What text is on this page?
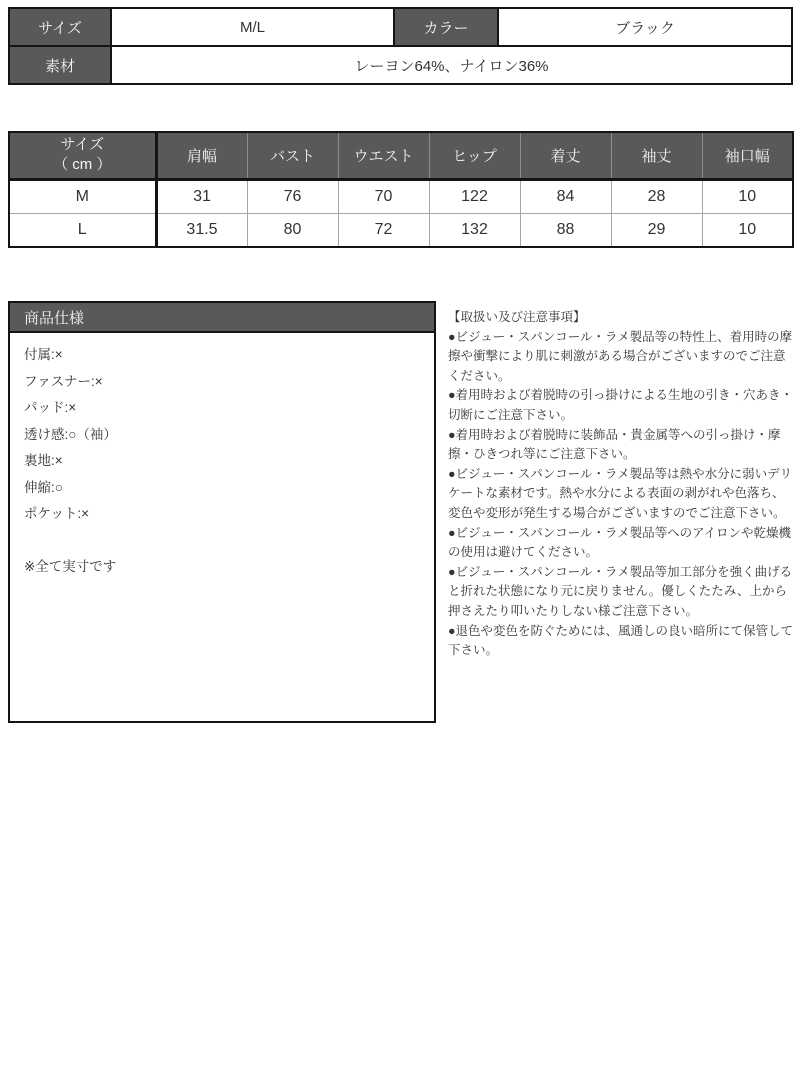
サイズ	M/L	カラー	ブラック
素材	レーヨン64%、ナイロン36%		
サイズ
（ cm ）	肩幅	バスト	ウエスト	ヒップ	着丈	袖丈	袖口幅
M	31	76	70	122	84	28	10
L	31.5	80	72	132	88	29	10
商品仕様
付属:×
ファスナー:×
パッド:×
透け感:○（袖）
裏地:×
伸縮:○
ポケット:×
※全て実寸です

【取扱い及び注意事項】

●ビジュー・スパンコール・ラメ製品等の特性上、着用時の摩擦や衝撃により肌に刺激がある場合がございますのでご注意ください。

●着用時および着脱時の引っ掛けによる生地の引き・穴あき・切断にご注意下さい。

●着用時および着脱時に装飾品・貴金属等への引っ掛け・摩擦・ひきつれ等にご注意下さい。

●ビジュー・スパンコール・ラメ製品等は熱や水分に弱いデリケートな素材です。熱や水分による表面の剥がれや色落ち、変色や変形が発生する場合がございますのでご注意下さい。

●ビジュー・スパンコール・ラメ製品等へのアイロンや乾燥機の使用は避けてください。

●ビジュー・スパンコール・ラメ製品等加工部分を強く曲げると折れた状態になり元に戻りません。優しくたたみ、上から押さえたり叩いたりしない様ご注意下さい。

●退色や変色を防ぐためには、風通しの良い暗所にて保管して下さい。
